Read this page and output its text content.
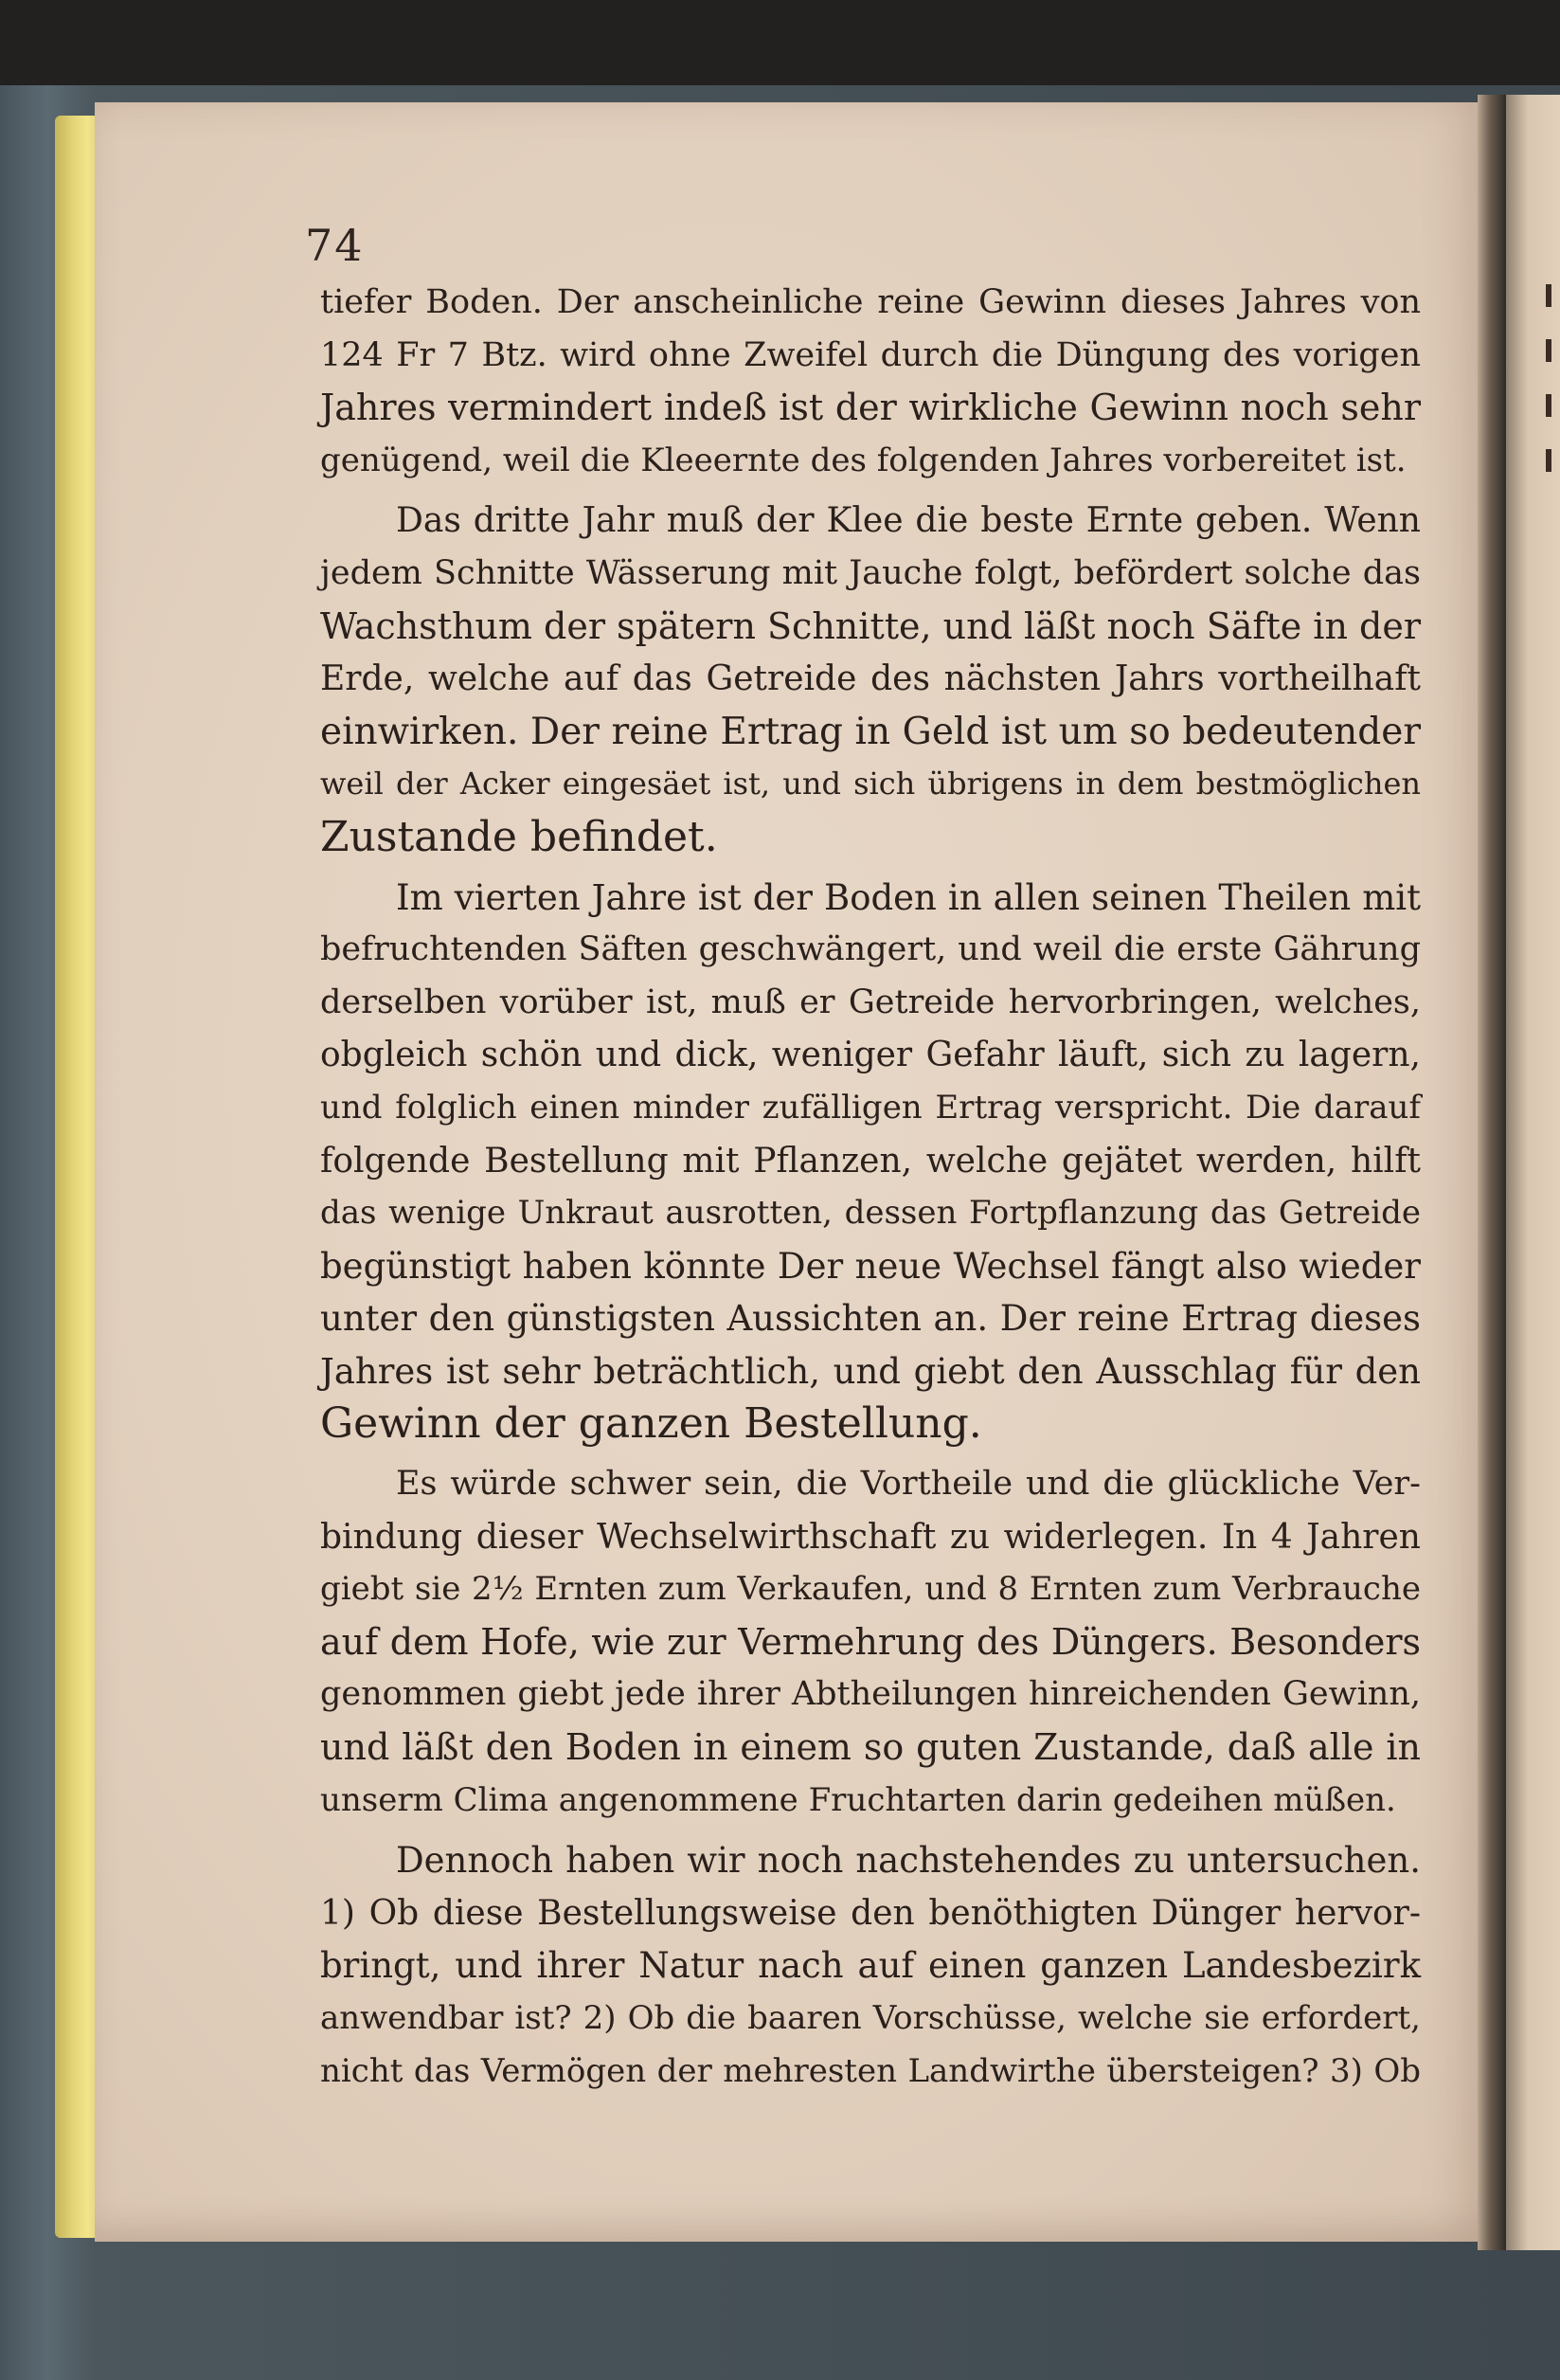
74
tiefer Boden. Der anscheinliche reine Gewinn dieses Jahres von
124 Fr 7 Btz. wird ohne Zweifel durch die Düngung des vorigen
Jahres vermindert indeß ist der wirkliche Gewinn noch sehr
genügend, weil die Kleeernte des folgenden Jahres vorbereitet ist.
Das dritte Jahr muß der Klee die beste Ernte geben. Wenn
jedem Schnitte Wässerung mit Jauche folgt, befördert solche das
Wachsthum der spätern Schnitte, und läßt noch Säfte in der
Erde, welche auf das Getreide des nächsten Jahrs vortheilhaft
einwirken. Der reine Ertrag in Geld ist um so bedeutender
weil der Acker eingesäet ist, und sich übrigens in dem bestmöglichen
Zustande befindet.
Im vierten Jahre ist der Boden in allen seinen Theilen mit
befruchtenden Säften geschwängert, und weil die erste Gährung
derselben vorüber ist, muß er Getreide hervorbringen, welches,
obgleich schön und dick, weniger Gefahr läuft, sich zu lagern,
und folglich einen minder zufälligen Ertrag verspricht. Die darauf
folgende Bestellung mit Pflanzen, welche gejätet werden, hilft
das wenige Unkraut ausrotten, dessen Fortpflanzung das Getreide
begünstigt haben könnte Der neue Wechsel fängt also wieder
unter den günstigsten Aussichten an. Der reine Ertrag dieses
Jahres ist sehr beträchtlich, und giebt den Ausschlag für den
Gewinn der ganzen Bestellung.
Es würde schwer sein, die Vortheile und die glückliche Ver-
bindung dieser Wechselwirthschaft zu widerlegen. In 4 Jahren
giebt sie 2½ Ernten zum Verkaufen, und 8 Ernten zum Verbrauche
auf dem Hofe, wie zur Vermehrung des Düngers. Besonders
genommen giebt jede ihrer Abtheilungen hinreichenden Gewinn,
und läßt den Boden in einem so guten Zustande, daß alle in
unserm Clima angenommene Fruchtarten darin gedeihen müßen.
Dennoch haben wir noch nachstehendes zu untersuchen.
1) Ob diese Bestellungsweise den benöthigten Dünger hervor-
bringt, und ihrer Natur nach auf einen ganzen Landesbezirk
anwendbar ist? 2) Ob die baaren Vorschüsse, welche sie erfordert,
nicht das Vermögen der mehresten Landwirthe übersteigen? 3) Ob
